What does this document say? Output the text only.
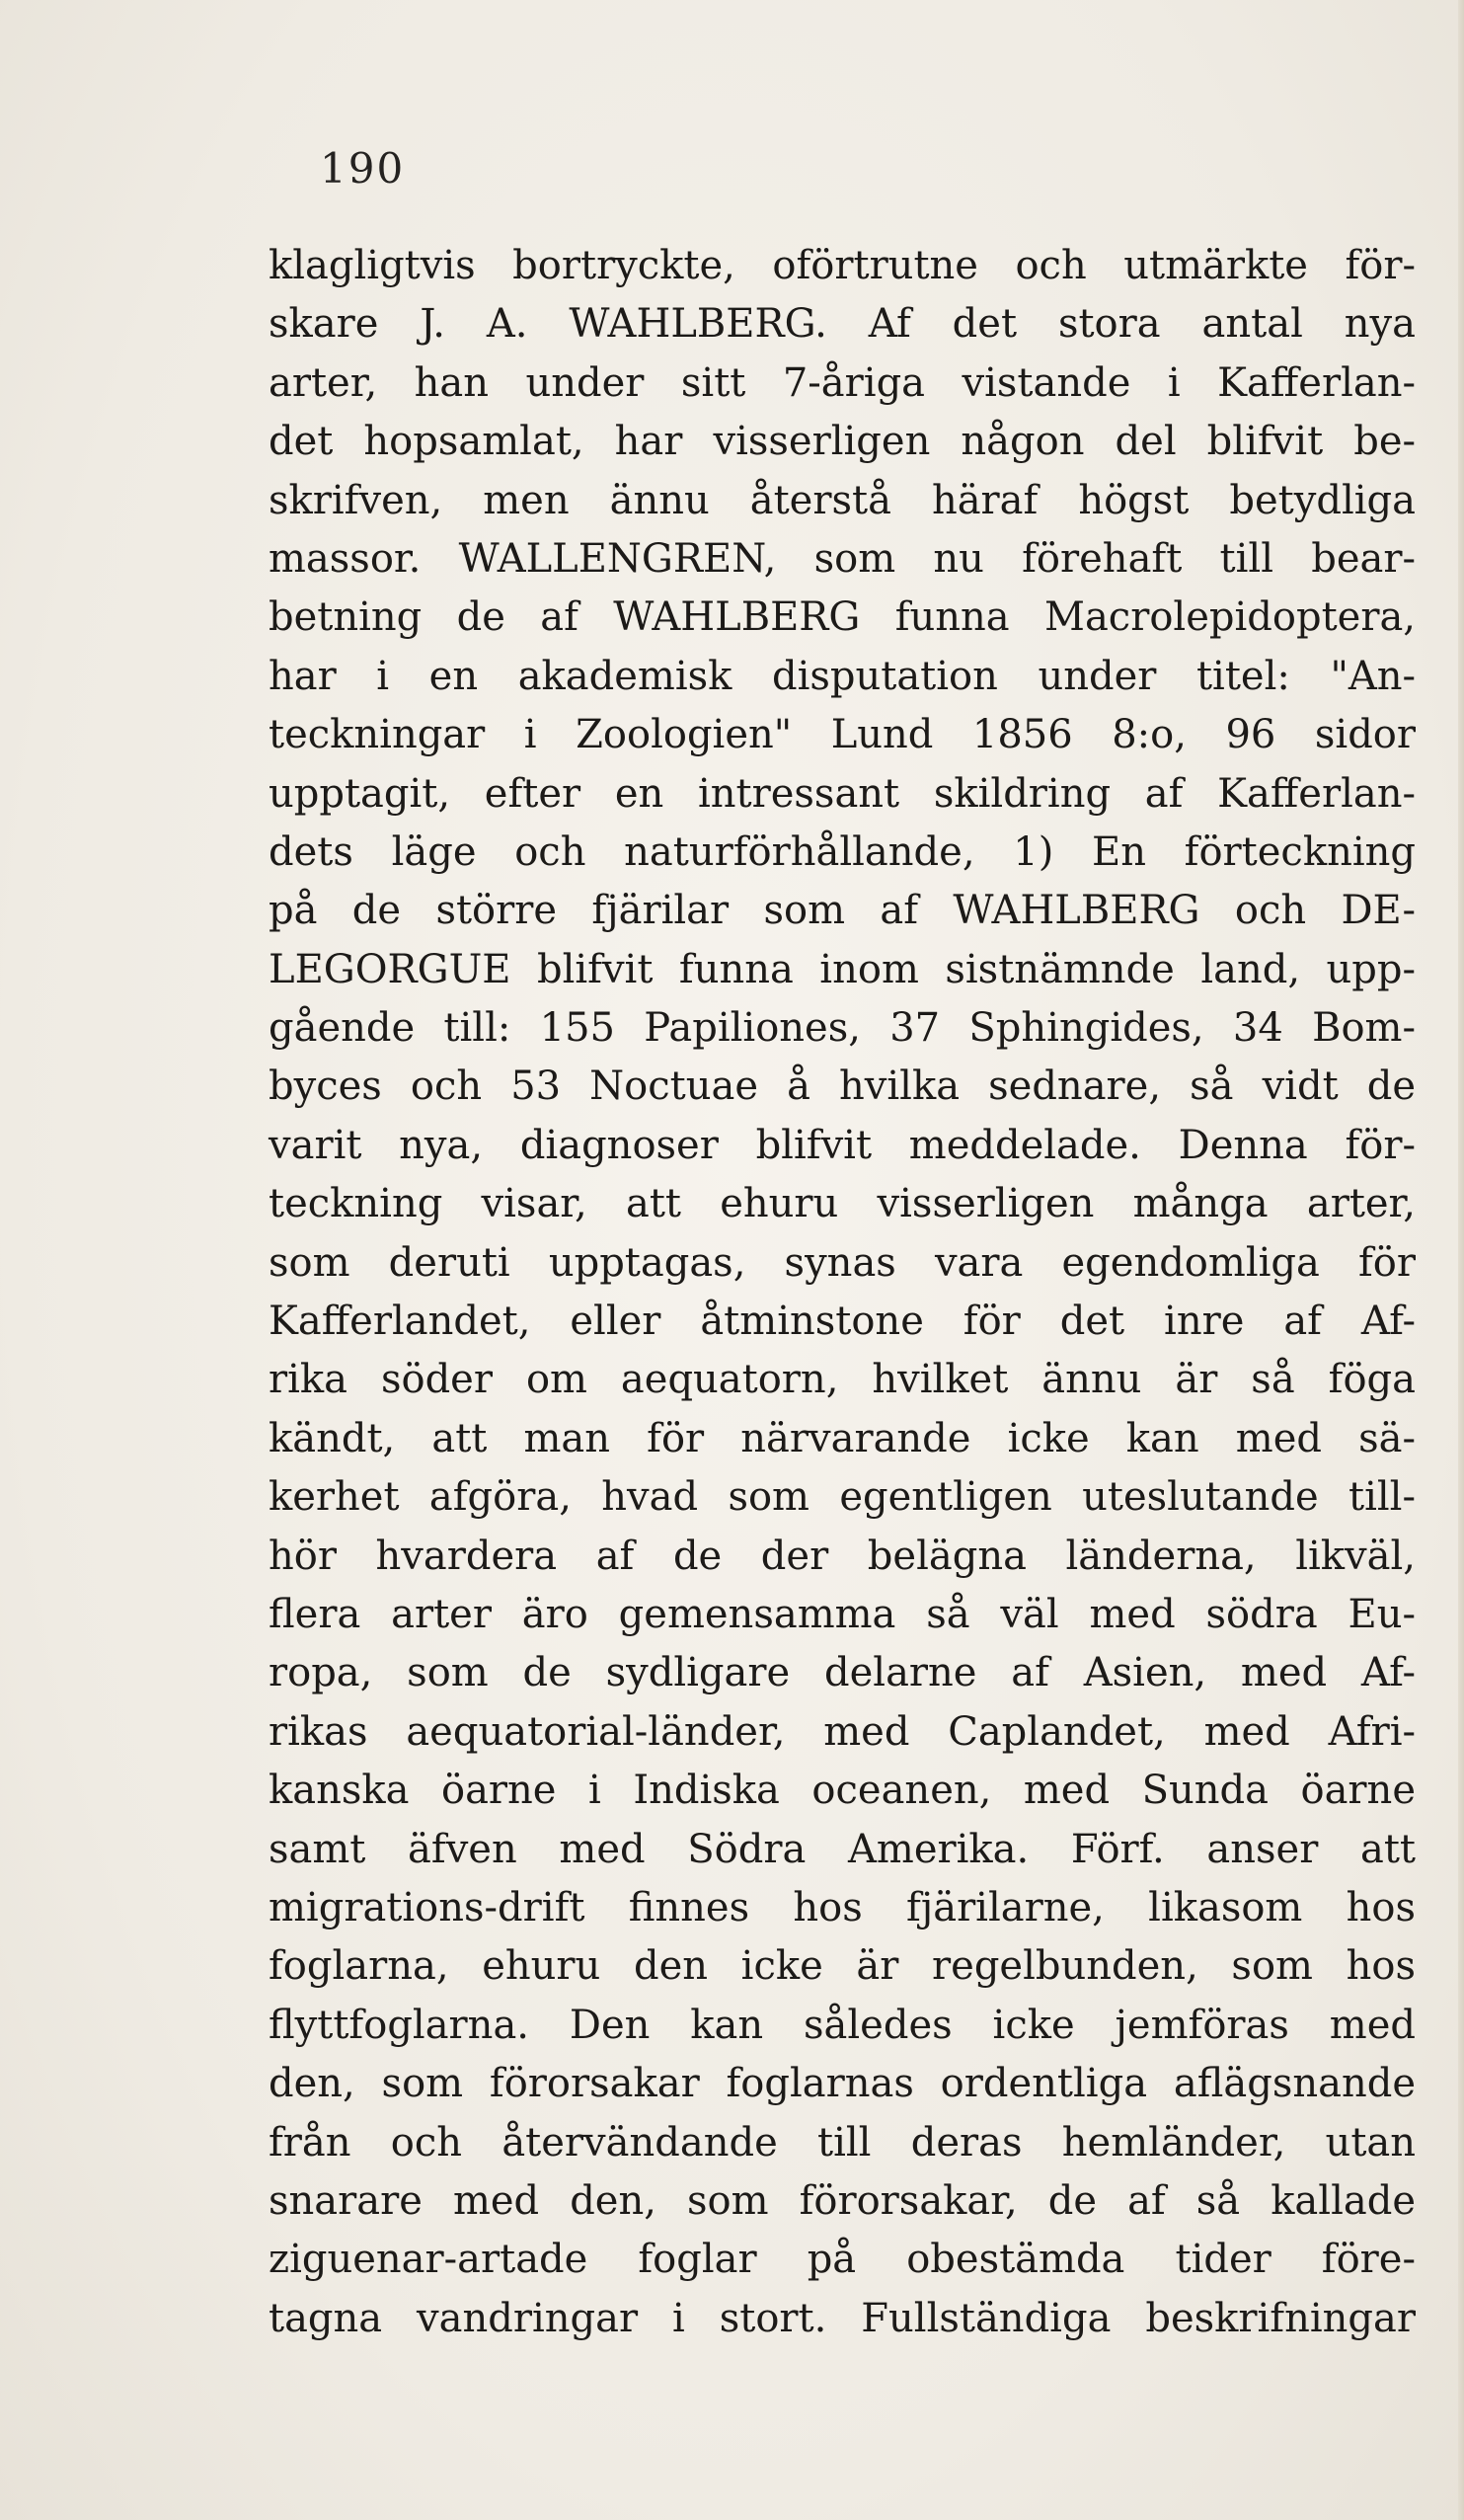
190
klagligtvis bortryckte, oförtrutne och utmärkte för-
skare J. A. WAHLBERG. Af det stora antal nya
arter, han under sitt 7-åriga vistande i Kafferlan-
det hopsamlat, har visserligen någon del blifvit be-
skrifven, men ännu återstå häraf högst betydliga
massor. WALLENGREN, som nu förehaft till bear-
betning de af WAHLBERG funna Macrolepidoptera,
har i en akademisk disputation under titel: "An-
teckningar i Zoologien" Lund 1856 8:o, 96 sidor
upptagit, efter en intressant skildring af Kafferlan-
dets läge och naturförhållande, 1) En förteckning
på de större fjärilar som af WAHLBERG och DE-
LEGORGUE blifvit funna inom sistnämnde land, upp-
gående till: 155 Papiliones, 37 Sphingides, 34 Bom-
byces och 53 Noctuae å hvilka sednare, så vidt de
varit nya, diagnoser blifvit meddelade. Denna för-
teckning visar, att ehuru visserligen många arter,
som deruti upptagas, synas vara egendomliga för
Kafferlandet, eller åtminstone för det inre af Af-
rika söder om aequatorn, hvilket ännu är så föga
kändt, att man för närvarande icke kan med sä-
kerhet afgöra, hvad som egentligen uteslutande till-
hör hvardera af de der belägna länderna, likväl,
flera arter äro gemensamma så väl med södra Eu-
ropa, som de sydligare delarne af Asien, med Af-
rikas aequatorial-länder, med Caplandet, med Afri-
kanska öarne i Indiska oceanen, med Sunda öarne
samt äfven med Södra Amerika. Förf. anser att
migrations-drift finnes hos fjärilarne, likasom hos
foglarna, ehuru den icke är regelbunden, som hos
flyttfoglarna. Den kan således icke jemföras med
den, som förorsakar foglarnas ordentliga aflägsnande
från och återvändande till deras hemländer, utan
snarare med den, som förorsakar, de af så kallade
ziguenar-artade foglar på obestämda tider före-
tagna vandringar i stort. Fullständiga beskrifningar
